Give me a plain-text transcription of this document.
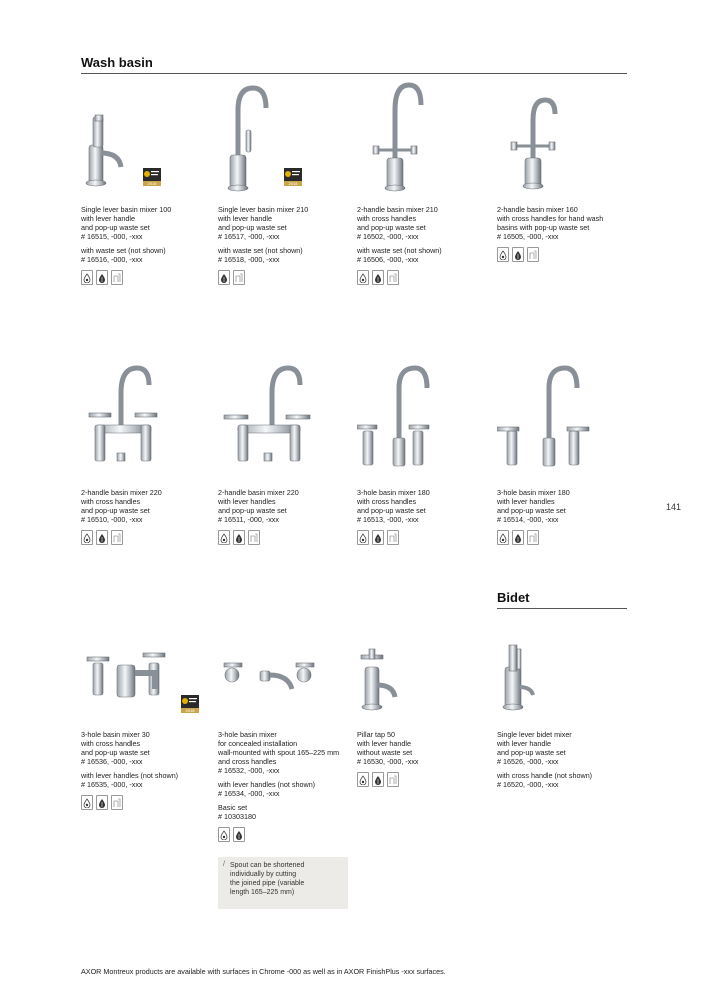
Wash basin
Bidet
141
2018
Single lever basin mixer 100
with lever handle
and pop-up waste set
# 16515, -000, -xxx
with waste set (not shown)
# 16516, -000, -xxx
2018
Single lever basin mixer 210
with lever handle
and pop-up waste set
# 16517, -000, -xxx
with waste set (not shown)
# 16518, -000, -xxx
2-handle basin mixer 210
with cross handles
and pop-up waste set
# 16502, -000, -xxx
with waste set (not shown)
# 16506, -000, -xxx
2-handle basin mixer 160
with cross handles for hand wash
basins with pop-up waste set
# 16505, -000, -xxx
2-handle basin mixer 220
with cross handles
and pop-up waste set
# 16510, -000, -xxx
2-handle basin mixer 220
with lever handles
and pop-up waste set
# 16511, -000, -xxx
3-hole basin mixer 180
with cross handles
and pop-up waste set
# 16513, -000, -xxx
3-hole basin mixer 180
with lever handles
and pop-up waste set
# 16514, -000, -xxx
2018
3-hole basin mixer 30
with cross handles
and pop-up waste set
# 16536, -000, -xxx
with lever handles (not shown)
# 16535, -000, -xxx
3-hole basin mixer
for concealed installation
wall-mounted with spout 165–225 mm
and cross handles
# 16532, -000, -xxx
with lever handles (not shown)
# 16534, -000, -xxx
Basic set
# 10303180
Pillar tap 50
with lever handle
without waste set
# 16530, -000, -xxx
Single lever bidet mixer
with lever handle
and pop-up waste set
# 16526, -000, -xxx
with cross handle (not shown)
# 16520, -000, -xxx
/ Spout can be shortened
individually by cutting
the joined pipe (variable
length 165–225 mm)
AXOR Montreux products are available with surfaces in Chrome -000 as well as in AXOR FinishPlus -xxx surfaces.
